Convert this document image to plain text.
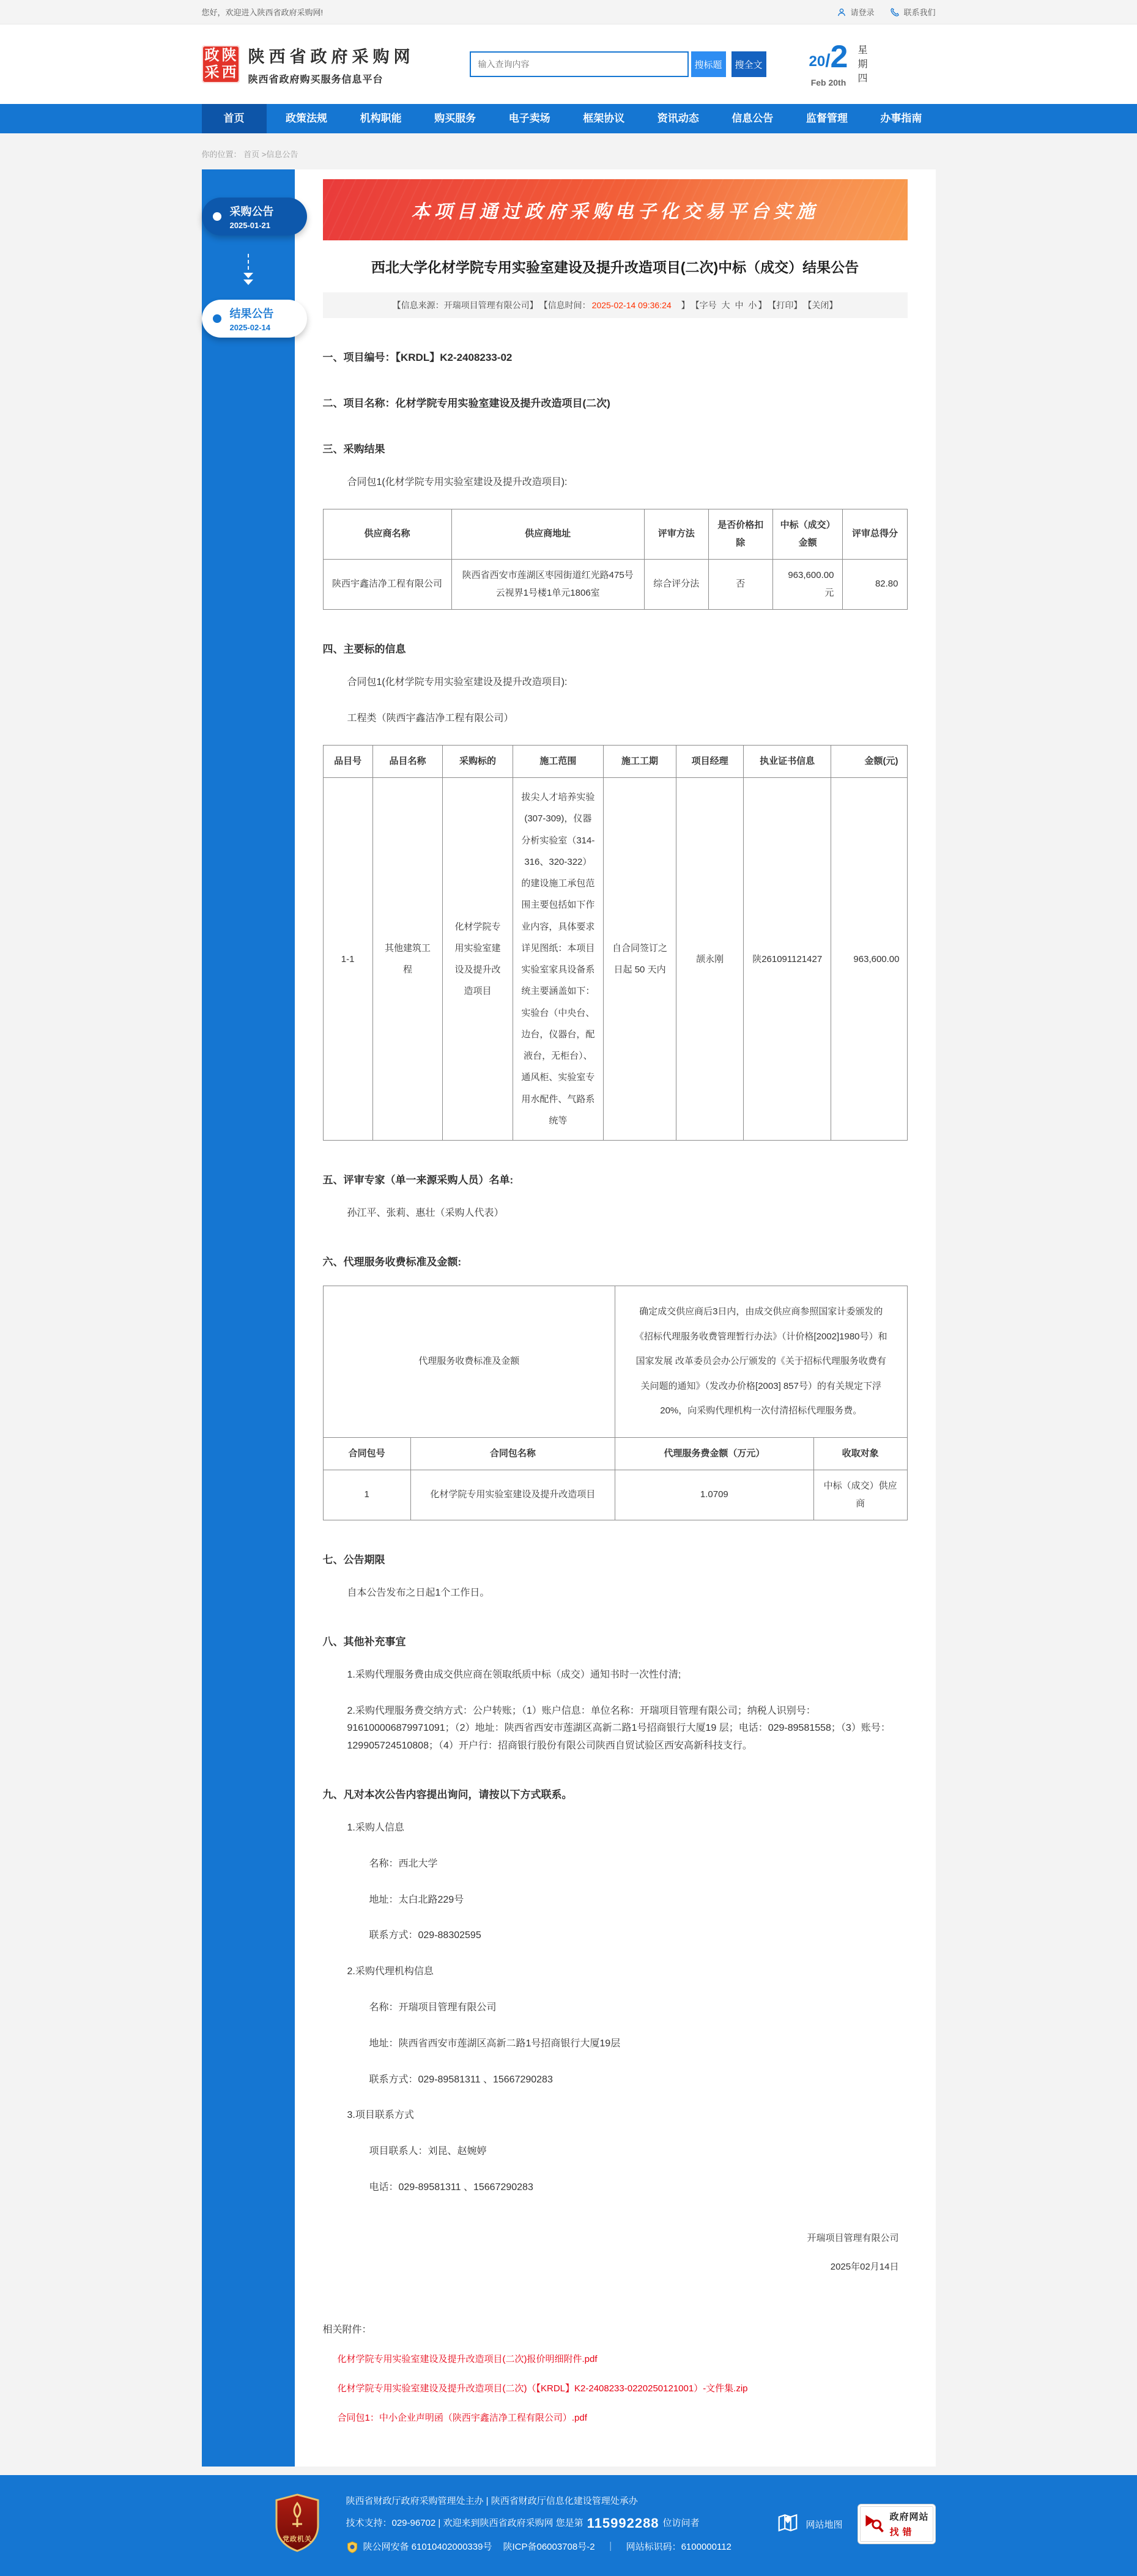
您好，欢迎进入陕西省政府采购网!	请登录	联系我们
政陕
采西
陕西省政府采购网
陕西省政府购买服务信息平台
输入查询内容
搜标题	搜全文	20 / 2
Feb 20th
星期四
首页	政策法规	机构职能	购买服务	电子卖场	框架协议	资讯动态	信息公告	监督管理	办事指南
你的位置： 首页 >信息公告
采购公告
2025-01-21
结果公告
2025-02-14
本项目通过政府采购电子化交易平台实施
西北大学化材学院专用实验室建设及提升改造项目(二次)中标（成交）结果公告
【信息来源：开瑞项目管理有限公司】 【信息时间： 2025-02-14 09:36:24 　】 【字号
大
中
小 】 【打印】 【关闭】
一、项目编号：【KRDL】K2-2408233-02
二、项目名称：化材学院专用实验室建设及提升改造项目(二次)
三、采购结果
合同包1(化材学院专用实验室建设及提升改造项目):
供应商名称	供应商地址	评审方法	是否价格扣除	中标（成交）金额	评审总得分
陕西宇鑫洁净工程有限公司	陕西省西安市莲湖区枣园街道红光路475号云视界1号楼1单元1806室	综合评分法	否	963,600.00元	82.80
四、主要标的信息
合同包1(化材学院专用实验室建设及提升改造项目):
工程类（陕西宇鑫洁净工程有限公司）
品目号	品目名称	采购标的	施工范围	施工工期	项目经理	执业证书信息	金额(元)
1-1	其他建筑工程	化材学院专用实验室建设及提升改造项目	拔尖人才培养实验(307-309)，仪器分析实验室（314-316、320-322）的建设施工承包范围主要包括如下作业内容，具体要求详见图纸：本项目实验室家具设备系统主要涵盖如下：实验台（中央台、边台，仪器台，配液台，无柜台）、通风柜、实验室专用水配件、气路系统等	自合同签订之日起 50 天内	颉永刚	陕261091121427	963,600.00
五、评审专家（单一来源采购人员）名单:
孙江平、张莉、惠壮（采购人代表）
六、代理服务收费标准及金额:
代理服务收费标准及金额		确定成交供应商后3日内，由成交供应商参照国家计委颁发的《招标代理服务收费管理暂行办法》（计价格[2002]1980号）和国家发展 改革委员会办公厅颁发的《关于招标代理服务收费有关问题的通知》（发改办价格[2003] 857号）的有关规定下浮20%，向采购代理机构一次付清招标代理服务费。	
合同包号	合同包名称	代理服务费金额（万元）	收取对象
1	化材学院专用实验室建设及提升改造项目	1.0709	中标（成交）供应商
七、公告期限
自本公告发布之日起1个工作日。
八、其他补充事宜
1.采购代理服务费由成交供应商在领取纸质中标（成交）通知书时一次性付清;
2.采购代理服务费交纳方式：公户转账；（1）账户信息：单位名称：开瑞项目管理有限公司；纳税人识别号：916100006879971091；（2）地址：陕西省西安市莲湖区高新二路1号招商银行大厦19 层；电话：029-89581558；（3）账号：129905724510808；（4）开户行：招商银行股份有限公司陕西自贸试验区西安高新科技支行。
九、凡对本次公告内容提出询问，请按以下方式联系。
1.采购人信息
名称：西北大学
地址：太白北路229号
联系方式：029-88302595
2.采购代理机构信息
名称：开瑞项目管理有限公司
地址：陕西省西安市莲湖区高新二路1号招商银行大厦19层
联系方式：029-89581311 、15667290283
3.项目联系方式
项目联系人：刘昆、赵婉婷
电话：029-89581311 、15667290283
开瑞项目管理有限公司
2025年02月14日
相关附件：
化材学院专用实验室建设及提升改造项目(二次)报价明细附件.pdf
化材学院专用实验室建设及提升改造项目(二次)（【KRDL】K2-2408233-0220250121001）-文件集.zip
合同包1：中小企业声明函（陕西宇鑫洁净工程有限公司）.pdf
党政机关
陕西省财政厅政府采购管理处主办 | 陕西省财政厅信息化建设管理处承办
技术支持：029-96702 | 欢迎来到陕西省政府采购网 您是第 115992288 位访问者
陕公网安备 61010402000339号 陕ICP备06003708号-2 ｜ 网站标识码：6100000112
网站地图
政府网站
找错
